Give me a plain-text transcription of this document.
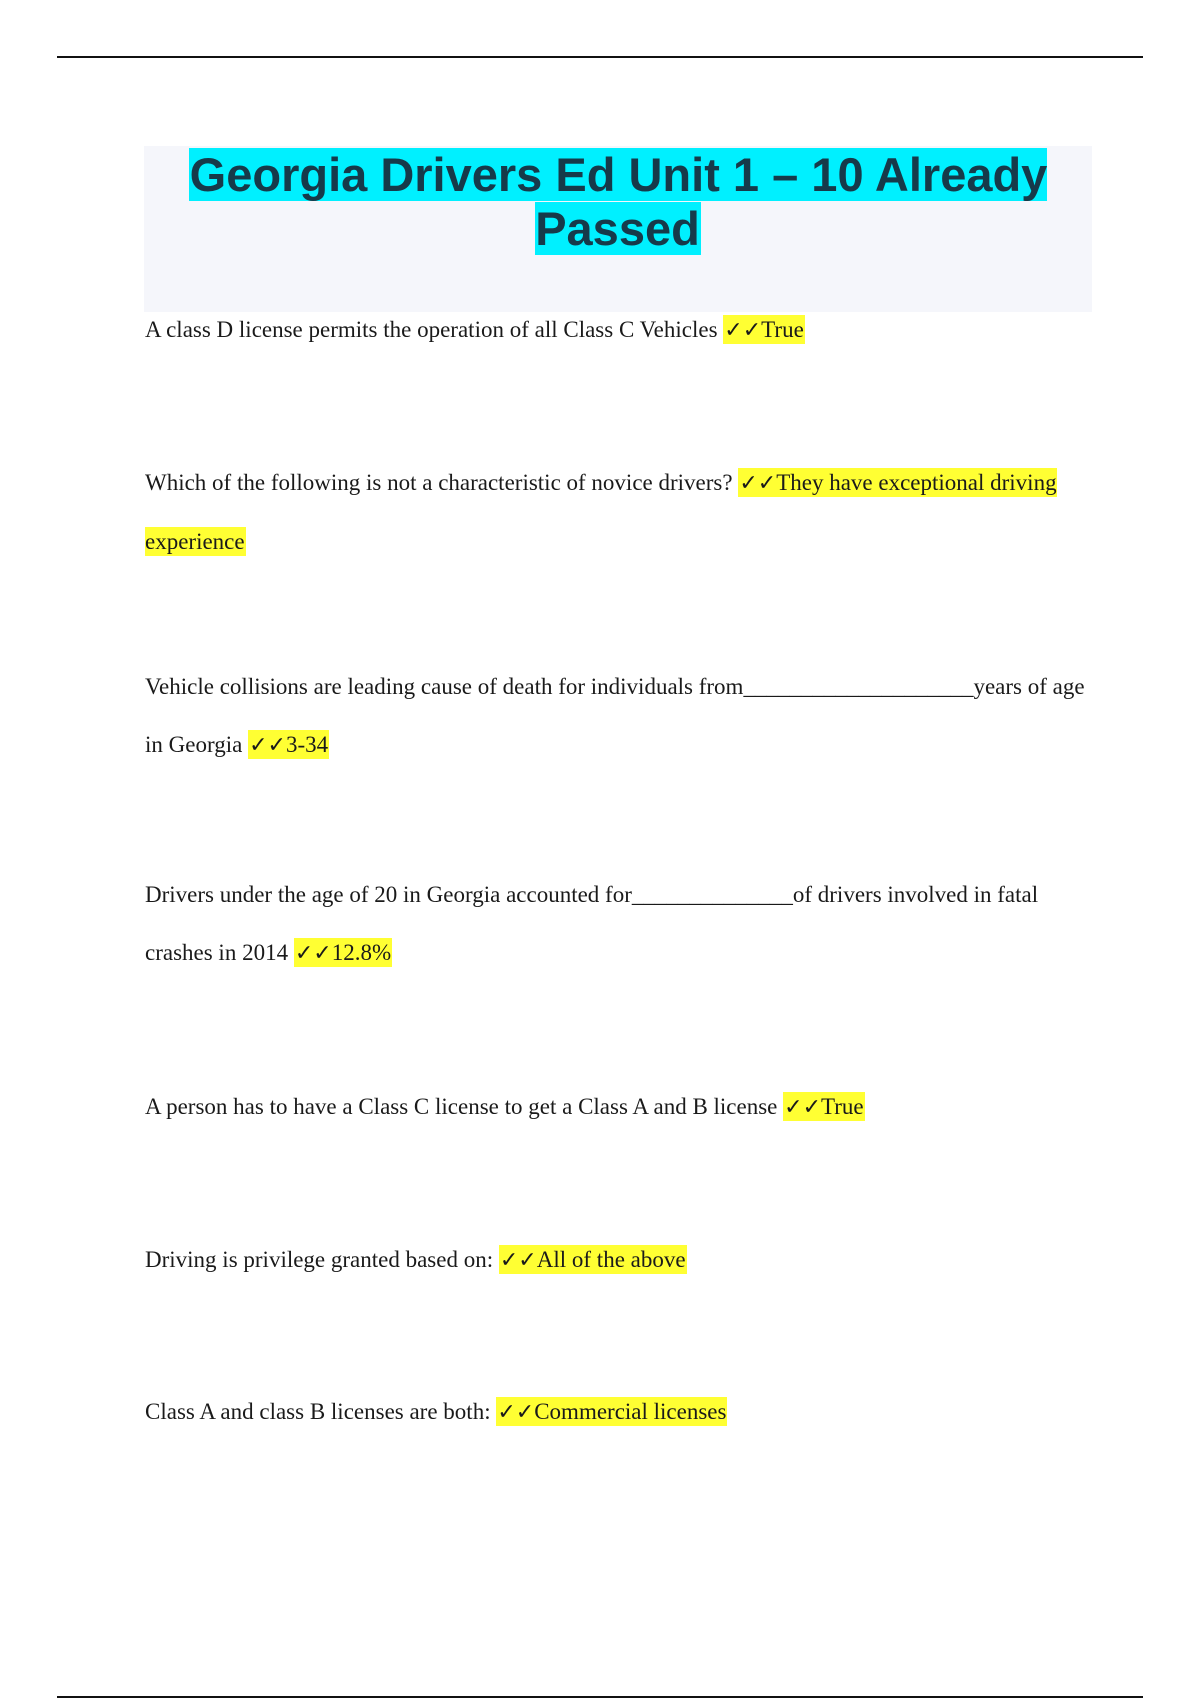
Georgia Drivers Ed Unit 1 – 10 Already Passed

A class D license permits the operation of all Class C Vehicles ✓✓True

Which of the following is not a characteristic of novice drivers? ✓✓They have exceptional driving experience

Vehicle collisions are leading cause of death for individuals from____________________years of age in Georgia ✓✓3-34

Drivers under the age of 20 in Georgia accounted for______________of drivers involved in fatal crashes in 2014 ✓✓12.8%

A person has to have a Class C license to get a Class A and B license ✓✓True

Driving is privilege granted based on: ✓✓All of the above

Class A and class B licenses are both: ✓✓Commercial licenses
